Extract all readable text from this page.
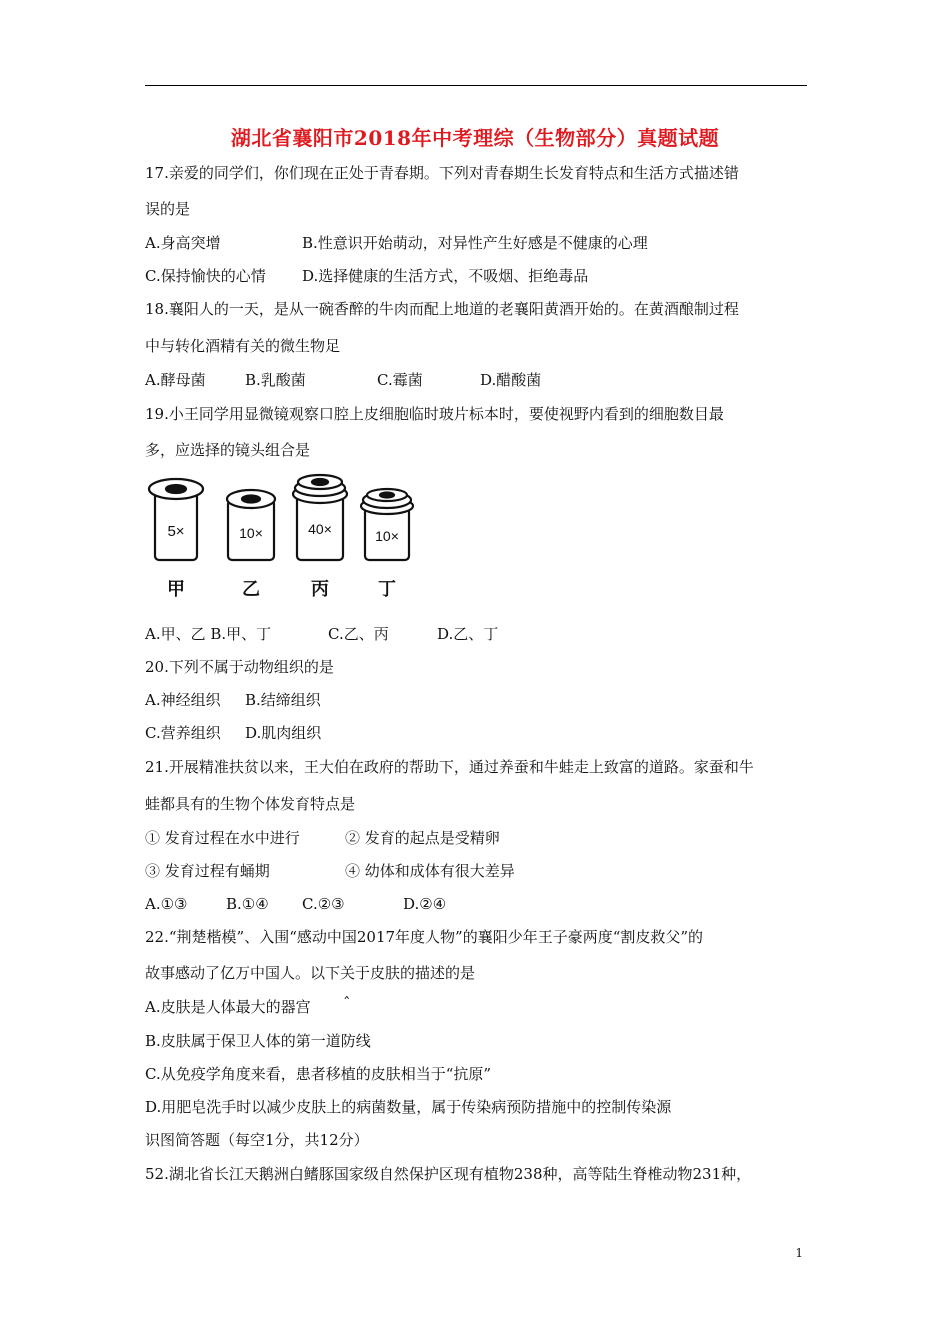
湖北省襄阳市2018年中考理综（生物部分）真题试题
17.亲爱的同学们，你们现在正处于青春期。下列对青春期生长发育特点和生活方式描述错
误的是
A.身高突增	B.性意识开始萌动，对异性产生好感是不健康的心理
C.保持愉快的心情 D.选择健康的生活方式，不吸烟、拒绝毒品
18.襄阳人的一天，是从一碗香醉的牛肉而配上地道的老襄阳黄酒开始的。在黄酒酿制过程
中与转化酒精有关的微生物足
A.酵母菌	B.乳酸菌	C.霉菌	D.醋酸菌
19.小王同学用显微镜观察口腔上皮细胞临时玻片标本时，要使视野内看到的细胞数目最
多，应选择的镜头组合是
5×
甲
10×
乙
40×
丙
10×
丁
A.甲、乙 B.甲、丁	C.乙、丙	D.乙、丁
20.下列不属于动物组织的是
A.神经组织 B.结缔组织
C.营养组织 D.肌肉组织
21.开展精准扶贫以来，王大伯在政府的帮助下，通过养蚕和牛蛙走上致富的道路。家蚕和牛
蛙都具有的生物个体发育特点是
① 发育过程在水中进行	② 发育的起点是受精卵
③ 发育过程有蛹期	④ 幼体和成体有很大差异
A.①③	B.①④ C.②③	D.②④
22.“荆楚楷模”、入围“感动中国2017年度人物”的襄阳少年王子豪两度“割皮救父”的
故事感动了亿万中国人。以下关于皮肤的描述的是
A.皮肤是人体最大的器宫 ˆ
B.皮肤属于保卫人体的第一道防线
C.从免疫学角度来看，患者移植的皮肤相当于“抗原”
D.用肥皂洗手时以减少皮肤上的病菌数量，属于传染病预防措施中的控制传染源
识图简答题（每空1分，共12分）
52.湖北省长江天鹅洲白鳍豚国家级自然保护区现有植物238种，高等陆生脊椎动物231种，
1
